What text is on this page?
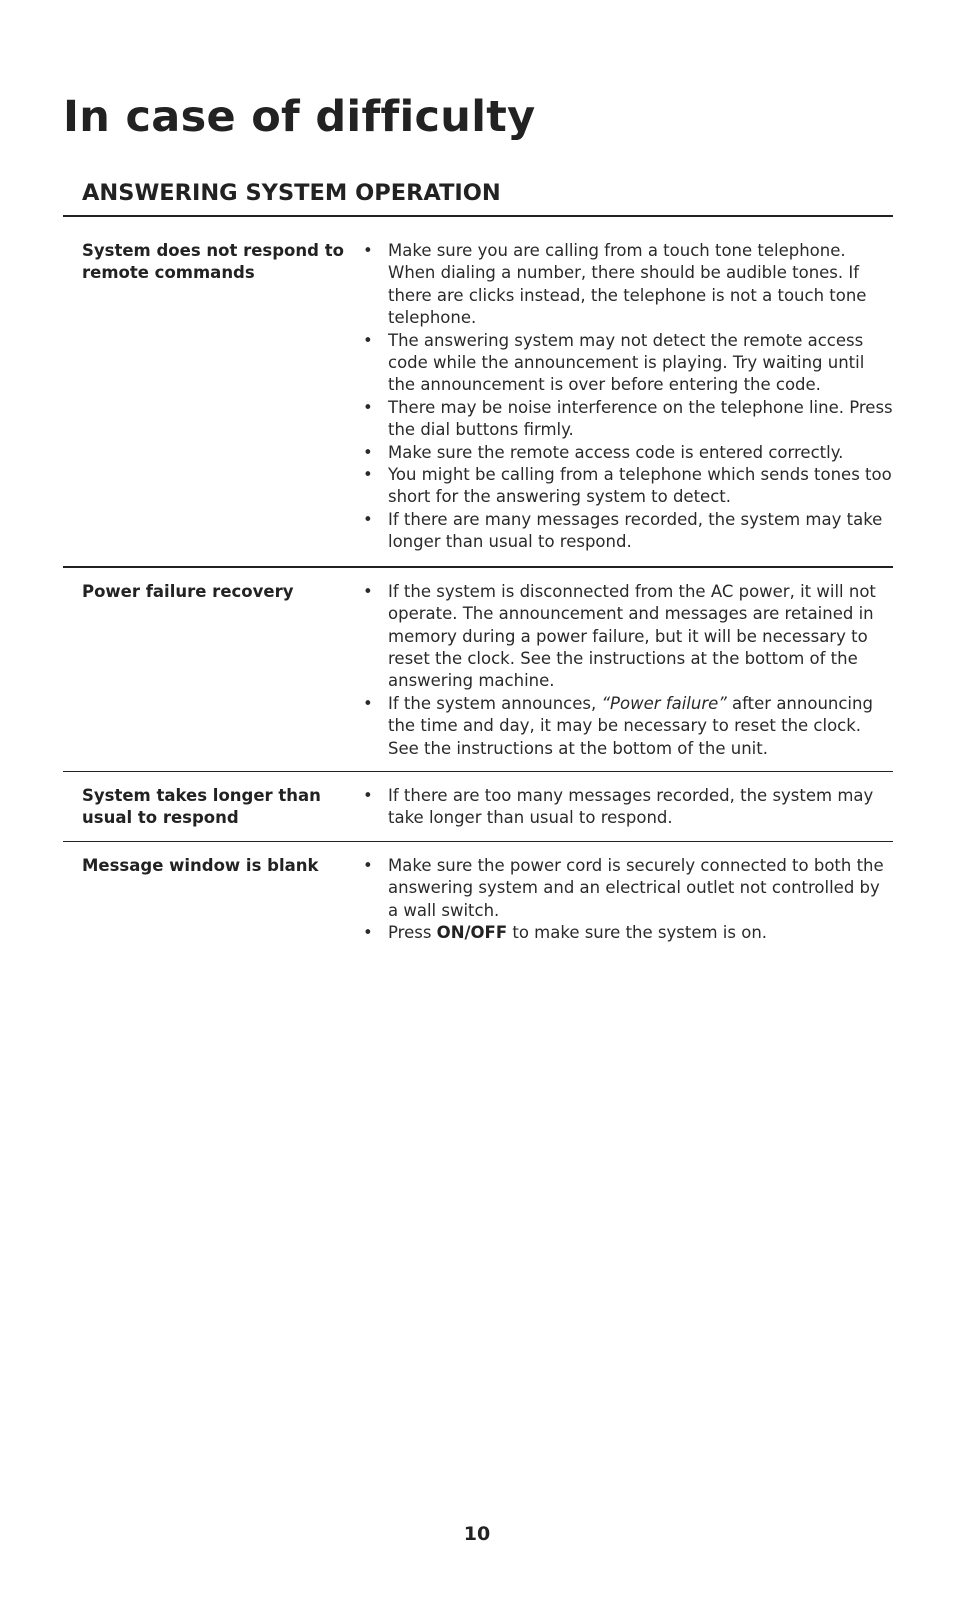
In case of difficulty
ANSWERING SYSTEM OPERATION
System does not respond to remote commands
• Make sure you are calling from a touch tone telephone. When dialing a number, there should be audible tones. If there are clicks instead, the telephone is not a touch tone telephone.
• The answering system may not detect the remote access code while the announcement is playing. Try waiting until the announcement is over before entering the code.
• There may be noise interference on the telephone line. Press the dial buttons firmly.
• Make sure the remote access code is entered correctly.
• You might be calling from a telephone which sends tones too short for the answering system to detect.
• If there are many messages recorded, the system may take longer than usual to respond.
Power failure recovery	• If the system is disconnected from the AC power, it will not operate. The announcement and messages are retained in memory during a power failure, but it will be necessary to reset the clock. See the instructions at the bottom of the answering machine.
• If the system announces, “Power failure” after announcing the time and day, it may be necessary to reset the clock. See the instructions at the bottom of the unit.
System takes longer than usual to respond
• If there are too many messages recorded, the system may take longer than usual to respond.
Message window is blank	• Make sure the power cord is securely connected to both the answering system and an electrical outlet not controlled by a wall switch.
• Press ON/OFF to make sure the system is on.
10
